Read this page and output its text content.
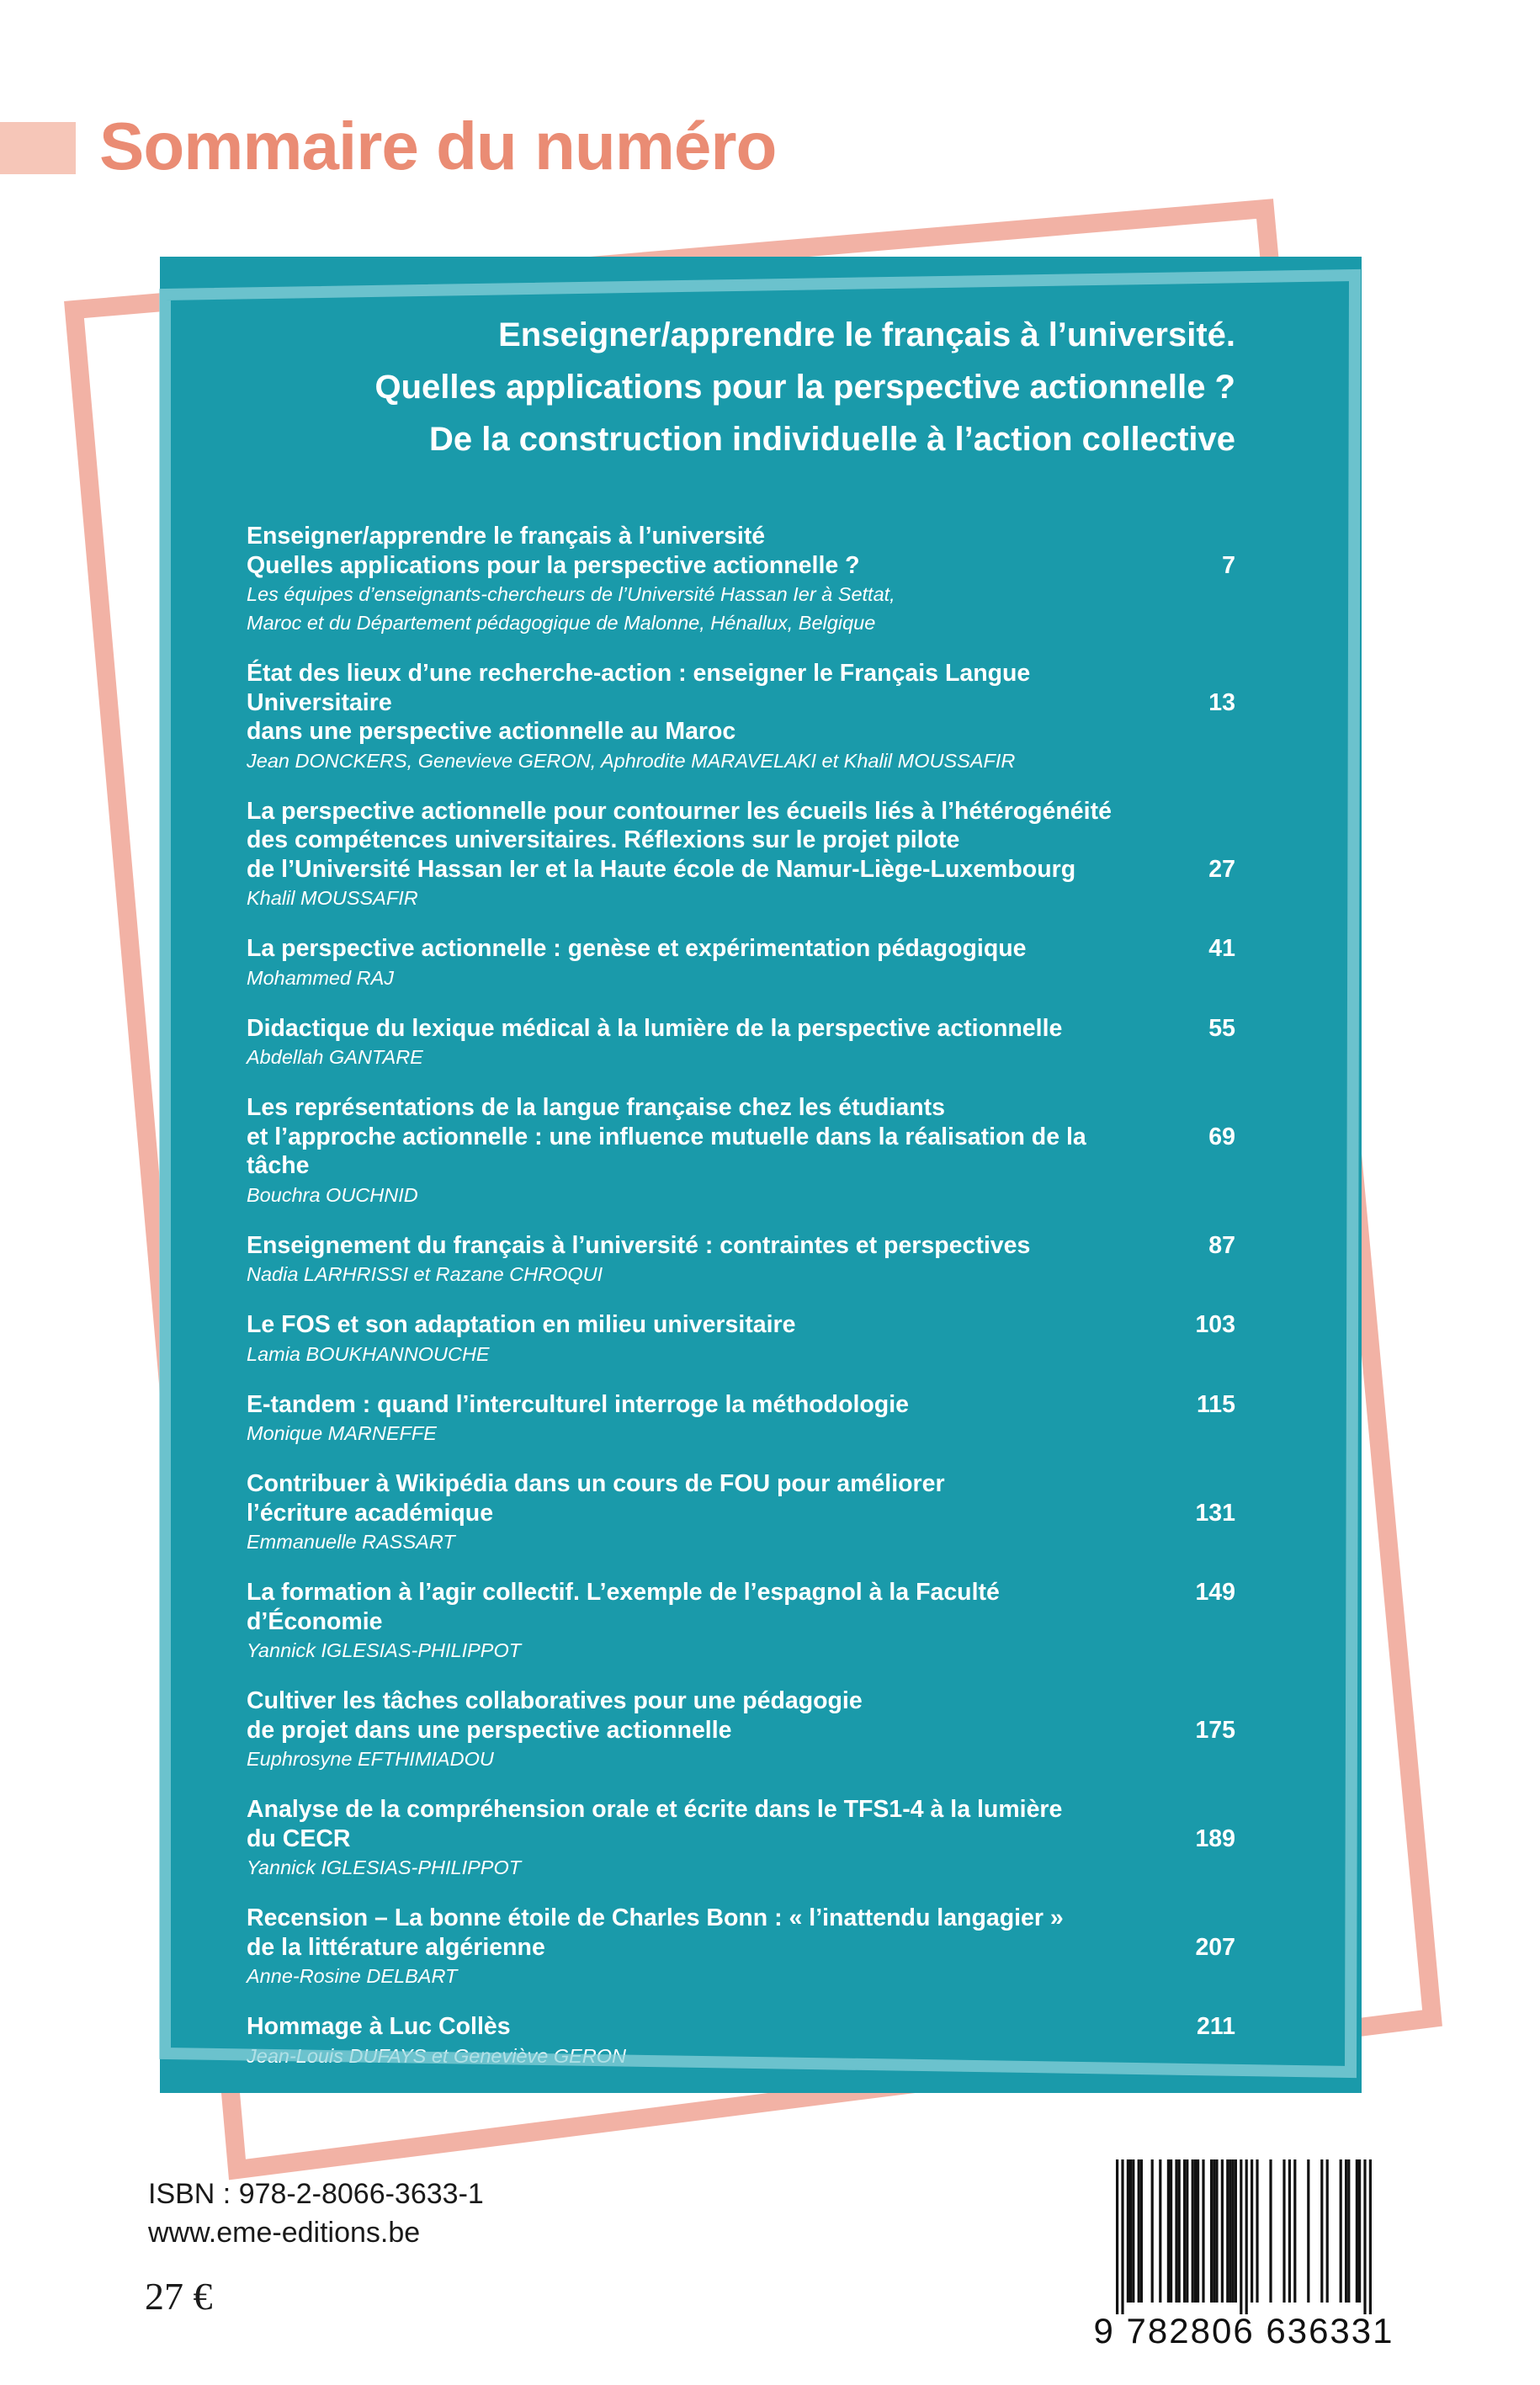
Sommaire du numéro
Enseigner/apprendre le français à l’université.
Quelles applications pour la perspective actionnelle ?
De la construction individuelle à l’action collective
7
Enseigner/apprendre le français à l’université
Quelles applications pour la perspective actionnelle ?
Les équipes d’enseignants-chercheurs de l’Université Hassan Ier à Settat,
Maroc et du Département pédagogique de Malonne, Hénallux, Belgique
13
État des lieux d’une recherche-action : enseigner le Français Langue Universitaire
dans une perspective actionnelle au Maroc
Jean DONCKERS, Genevieve GERON, Aphrodite MARAVELAKI et Khalil MOUSSAFIR
27
La perspective actionnelle pour contourner les écueils liés à l’hétérogénéité
des compétences universitaires. Réflexions sur le projet pilote
de l’Université Hassan Ier et la Haute école de Namur-Liège-Luxembourg
Khalil MOUSSAFIR
41
La perspective actionnelle : genèse et expérimentation pédagogique
Mohammed RAJ
55
Didactique du lexique médical à la lumière de la perspective actionnelle
Abdellah GANTARE
69
Les représentations de la langue française chez les étudiants
et l’approche actionnelle : une influence mutuelle dans la réalisation de la tâche
Bouchra OUCHNID
87
Enseignement du français à l’université : contraintes et perspectives
Nadia LARHRISSI et Razane CHROQUI
103
Le FOS et son adaptation en milieu universitaire
Lamia BOUKHANNOUCHE
115
E-tandem : quand l’interculturel interroge la méthodologie
Monique MARNEFFE
131
Contribuer à Wikipédia dans un cours de FOU pour améliorer
l’écriture académique
Emmanuelle RASSART
149
La formation à l’agir collectif. L’exemple de l’espagnol à la Faculté d’Économie
Yannick IGLESIAS-PHILIPPOT
175
Cultiver les tâches collaboratives pour une pédagogie
de projet dans une perspective actionnelle
Euphrosyne EFTHIMIADOU
189
Analyse de la compréhension orale et écrite dans le TFS1-4 à la lumière
du CECR
Yannick IGLESIAS-PHILIPPOT
207
Recension – La bonne étoile de Charles Bonn : « l’inattendu langagier »
de la littérature algérienne
Anne-Rosine DELBART
211
Hommage à Luc Collès
Jean-Louis DUFAYS et Geneviève GERON
ISBN : 978-2-8066-3633-1
www.eme-editions.be
27 €
9 782806 636331
